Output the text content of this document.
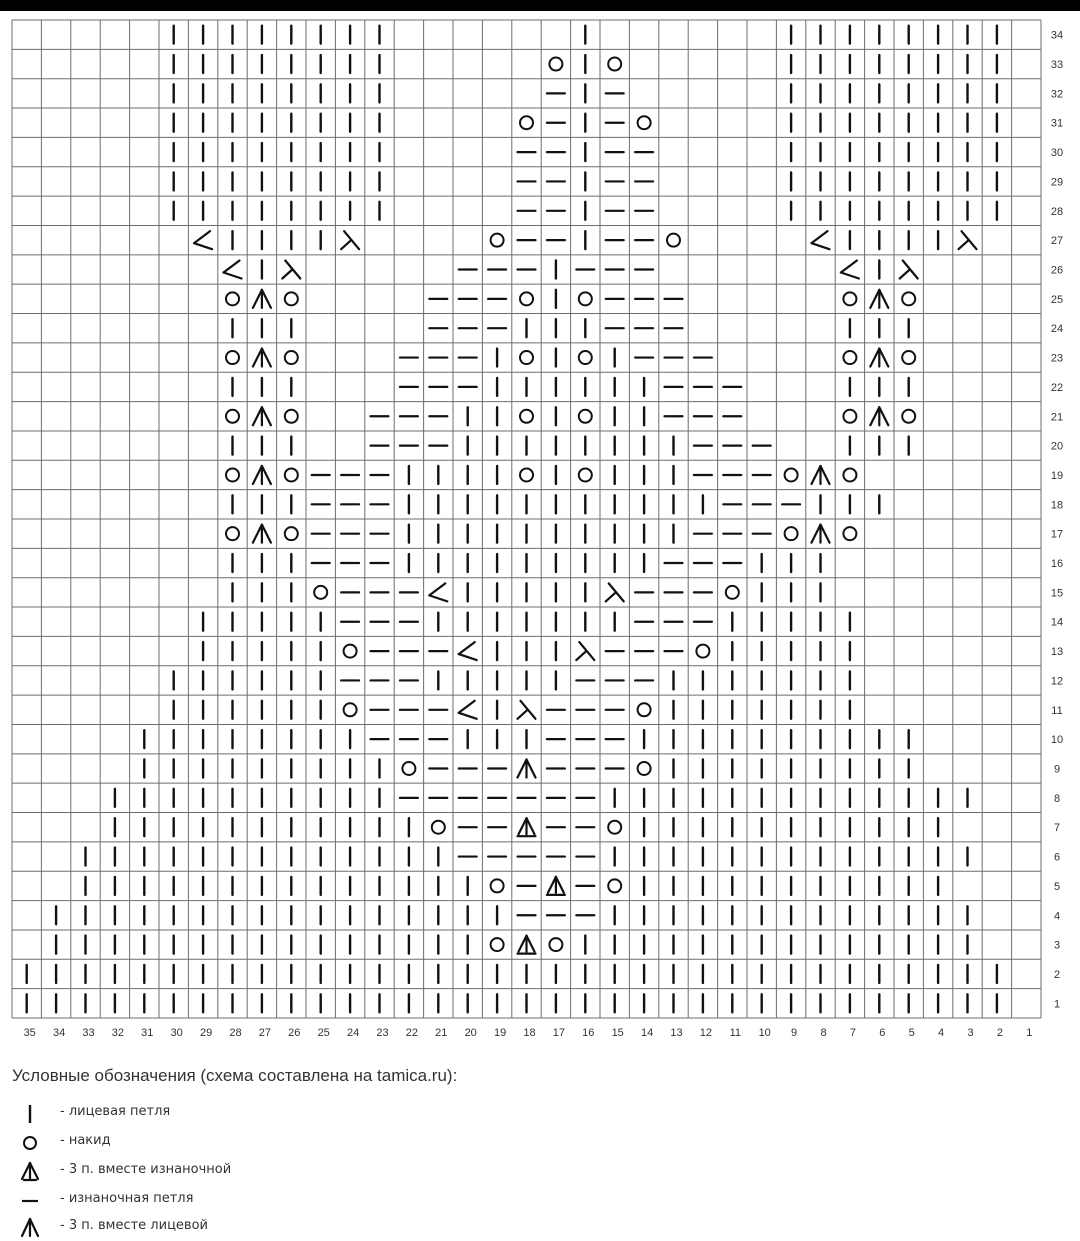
1
2
3
4
5
6
7
8
9
10
11
12
13
14
15
16
17
18
19
20
21
22
23
24
25
26
27
28
29
30
31
32
33
34
35 34 33 32 31 30 29 28 27 26 25 24 23 22 21 20 19 18 17 16 15 14 13 12 11 10 9 8 7 6 5 4 3 2 1
Условные обозначения (схема составлена на tamica.ru):
- лицевая петля
- накид
- 3 п. вместе изнаночной
- изнаночная петля
- 3 п. вместе лицевой
